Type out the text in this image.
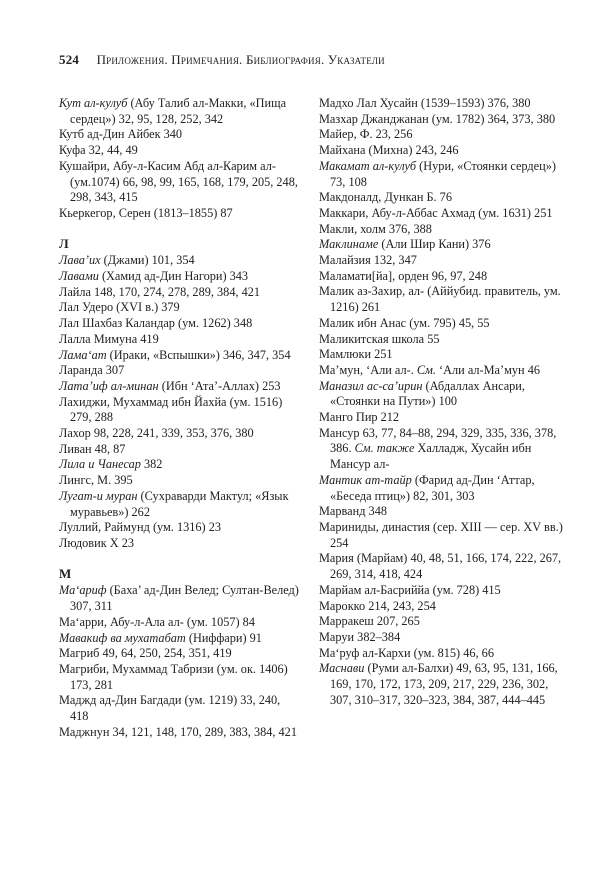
524 Приложения. Примечания. Библиография. Указатели
Кут ал-кулуб (Абу Талиб ал-Макки, «Пища сердец») 32, 95, 128, 252, 342
Кутб ад-Дин Айбек 340
Куфа 32, 44, 49
Кушайри, Абу-л-Касим Абд ал-Карим ал- (ум.1074) 66, 98, 99, 165, 168, 179, 205, 248, 298, 343, 415
Кьеркегор, Серен (1813–1855) 87
Л
Лава’их (Джами) 101, 354
Лавами (Хамид ад-Дин Нагори) 343
Лайла 148, 170, 274, 278, 289, 384, 421
Лал Удеро (XVI в.) 379
Лал Шахбаз Каландар (ум. 1262) 348
Лалла Мимуна 419
Лама‘ат (Ираки, «Вспышки») 346, 347, 354
Ларанда 307
Лата’иф ал-минан (Ибн ‘Ата’-Аллах) 253
Лахиджи, Мухаммад ибн Йахйа (ум. 1516) 279, 288
Лахор 98, 228, 241, 339, 353, 376, 380
Ливан 48, 87
Лила и Чанесар 382
Лингс, М. 395
Лугат-и муран (Сухраварди Мактул; «Язык муравьев») 262
Луллий, Раймунд (ум. 1316) 23
Людовик Х 23
М
Ма‘ариф (Баха’ ад-Дин Велед; Султан-Велед) 307, 311
Ма‘арри, Абу-л-Ала ал- (ум. 1057) 84
Мавакиф ва мухатабат (Ниффари) 91
Магриб 49, 64, 250, 254, 351, 419
Магриби, Мухаммад Табризи (ум. ок. 1406) 173, 281
Маджд ад-Дин Багдади (ум. 1219) 33, 240, 418
Маджнун 34, 121, 148, 170, 289, 383, 384, 421
Мадхо Лал Хусайн (1539–1593) 376, 380
Мазхар Джанджанан (ум. 1782) 364, 373, 380
Майер, Ф. 23, 256
Майхана (Михна) 243, 246
Макамат ал-кулуб (Нури, «Стоянки сердец») 73, 108
Макдоналд, Дункан Б. 76
Маккари, Абу-л-Аббас Ахмад (ум. 1631) 251
Макли, холм 376, 388
Маклинаме (Али Шир Кани) 376
Малайзия 132, 347
Маламати[йа], орден 96, 97, 248
Малик аз-Захир, ал- (Аййубид. правитель, ум. 1216) 261
Малик ибн Анас (ум. 795) 45, 55
Маликитская школа 55
Мамлюки 251
Ма’мун, ‘Али ал-. См. ‘Али ал-Ма’мун 46
Маназил ас-са’ирин (Абдаллах Ансари, «Стоянки на Пути») 100
Манго Пир 212
Мансур 63, 77, 84–88, 294, 329, 335, 336, 378, 386. См. также Халладж, Хусайн ибн Мансур ал-
Мантик ат-тайр (Фарид ад-Дин ‘Аттар, «Беседа птиц») 82, 301, 303
Марванд 348
Мариниды, династия (сер. XIII — сер. XV вв.) 254
Мария (Марйам) 40, 48, 51, 166, 174, 222, 267, 269, 314, 418, 424
Марйам ал-Басриййа (ум. 728) 415
Марокко 214, 243, 254
Марракеш 207, 265
Маруи 382–384
Ма‘руф ал-Кархи (ум. 815) 46, 66
Маснави (Руми ал-Балхи) 49, 63, 95, 131, 166, 169, 170, 172, 173, 209, 217, 229, 236, 302, 307, 310–317, 320–323, 384, 387, 444–445
